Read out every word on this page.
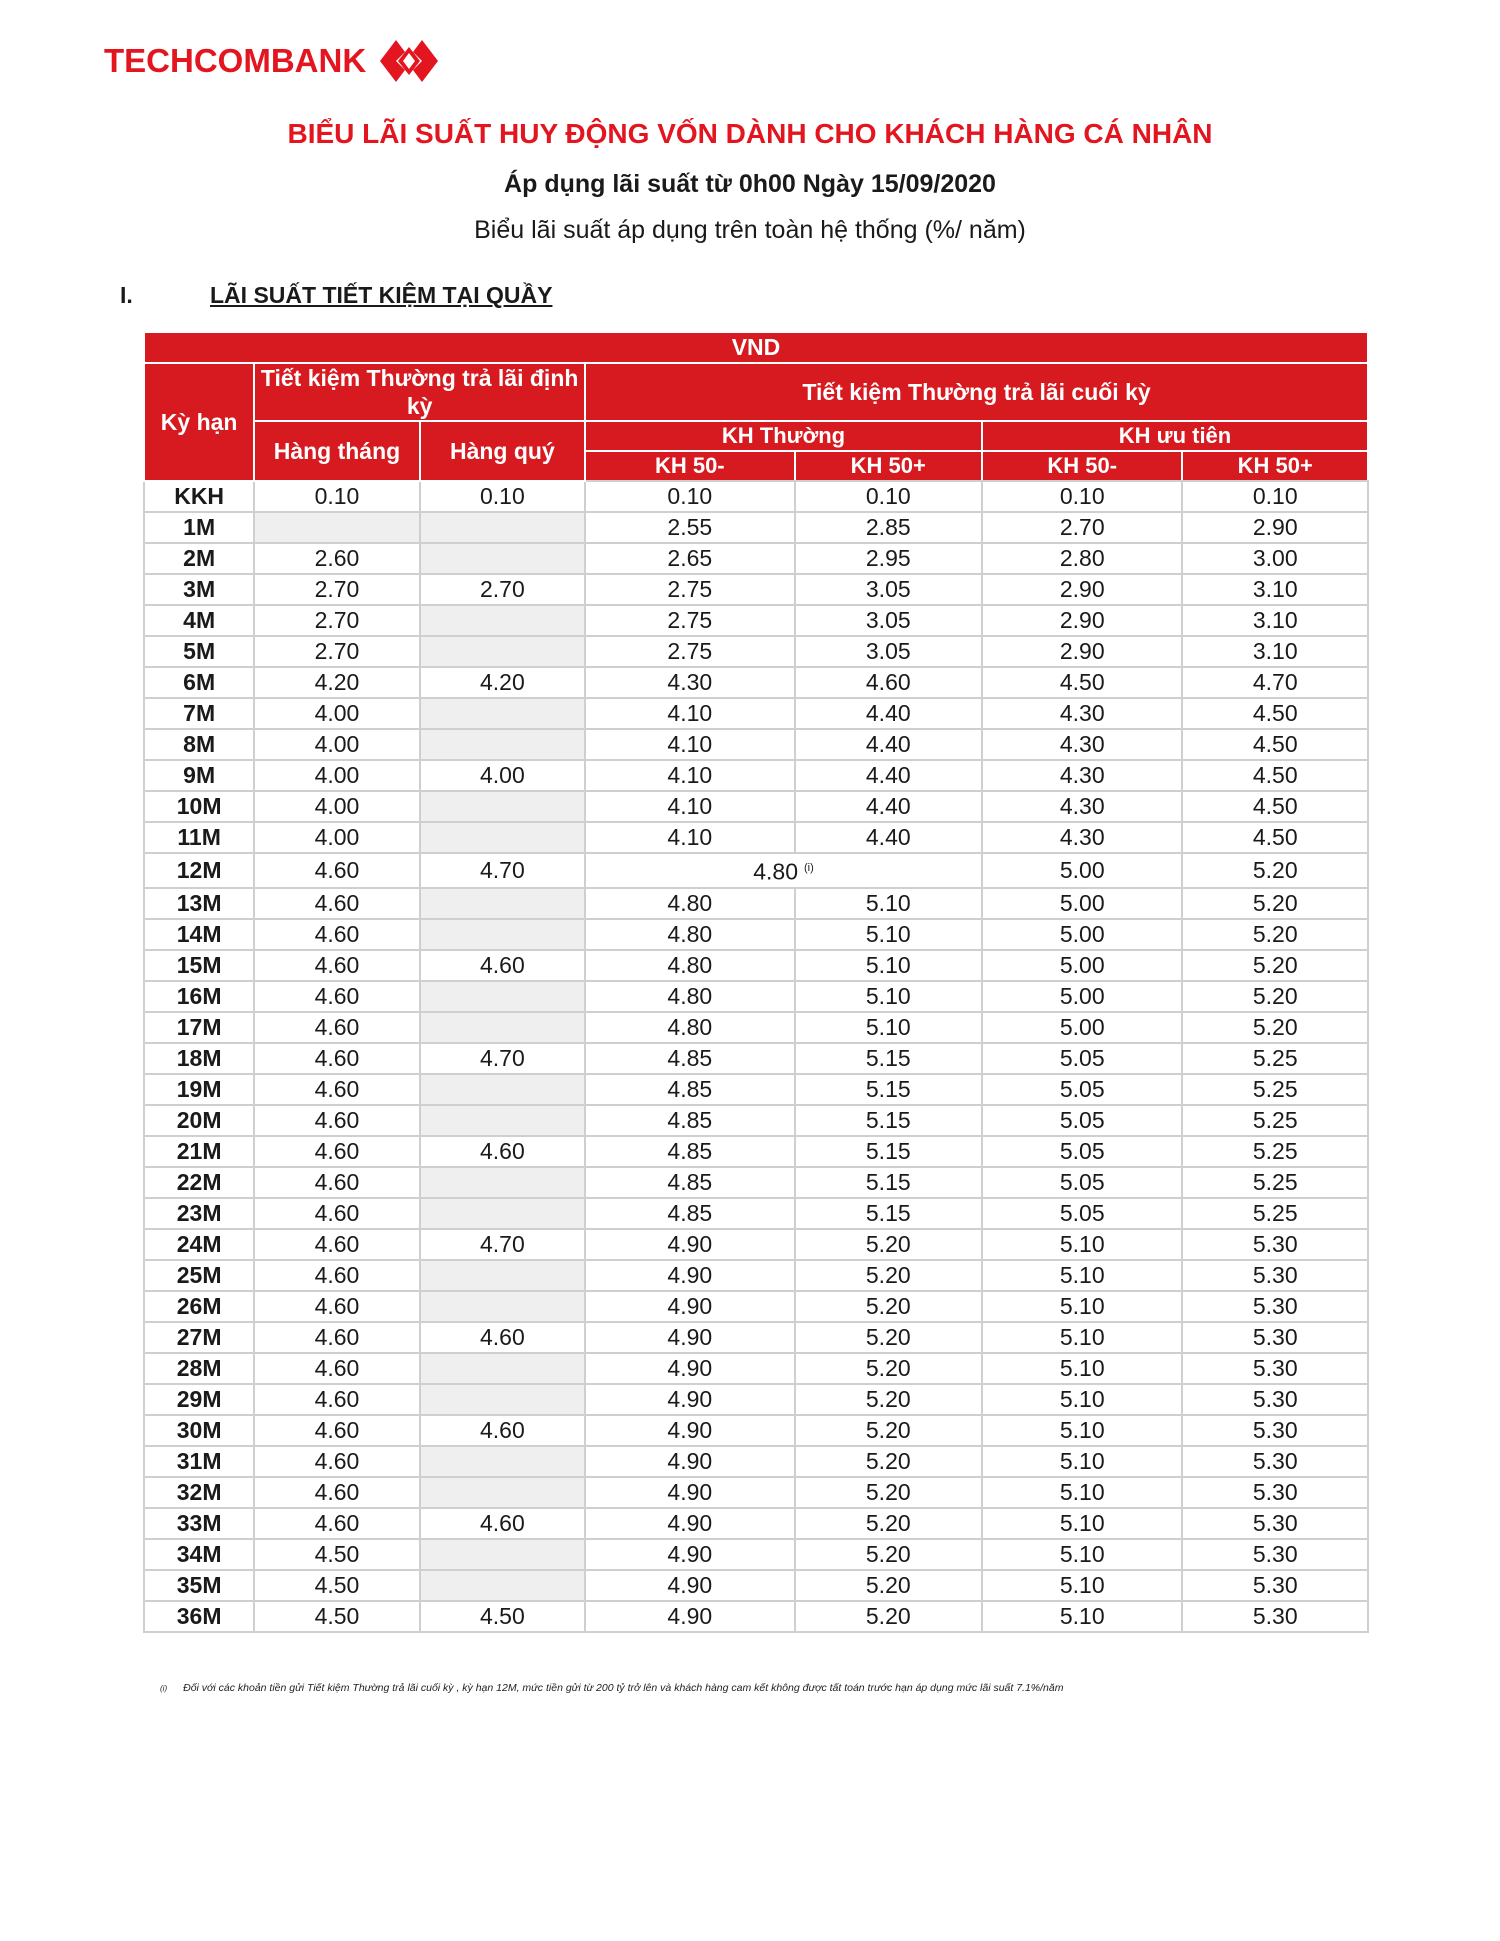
TECHCOMBANK
BIỂU LÃI SUẤT HUY ĐỘNG VỐN DÀNH CHO KHÁCH HÀNG CÁ NHÂN
Áp dụng lãi suất từ 0h00 Ngày 15/09/2020
Biểu lãi suất áp dụng trên toàn hệ thống (%/ năm)
I.	LÃI SUẤT TIẾT KIỆM TẠI QUẦY
VND						
Kỳ hạn	Tiết kiệm Thường trả lãi định kỳ		Tiết kiệm Thường trả lãi cuối kỳ			
	Hàng tháng	Hàng quý	KH Thường		KH ưu tiên	
			KH 50-	KH 50+	KH 50-	KH 50+

KKH	0.10	0.10	0.10	0.10	0.10	0.10
1M			2.55	2.85	2.70	2.90
2M	2.60		2.65	2.95	2.80	3.00
3M	2.70	2.70	2.75	3.05	2.90	3.10
4M	2.70		2.75	3.05	2.90	3.10
5M	2.70		2.75	3.05	2.90	3.10
6M	4.20	4.20	4.30	4.60	4.50	4.70
7M	4.00		4.10	4.40	4.30	4.50
8M	4.00		4.10	4.40	4.30	4.50
9M	4.00	4.00	4.10	4.40	4.30	4.50
10M	4.00		4.10	4.40	4.30	4.50
11M	4.00		4.10	4.40	4.30	4.50
12M	4.60	4.70	4.80 $^{(i)}$		5.00	5.20
13M	4.60		4.80	5.10	5.00	5.20
14M	4.60		4.80	5.10	5.00	5.20
15M	4.60	4.60	4.80	5.10	5.00	5.20
16M	4.60		4.80	5.10	5.00	5.20
17M	4.60		4.80	5.10	5.00	5.20
18M	4.60	4.70	4.85	5.15	5.05	5.25
19M	4.60		4.85	5.15	5.05	5.25
20M	4.60		4.85	5.15	5.05	5.25
21M	4.60	4.60	4.85	5.15	5.05	5.25
22M	4.60		4.85	5.15	5.05	5.25
23M	4.60		4.85	5.15	5.05	5.25
24M	4.60	4.70	4.90	5.20	5.10	5.30
25M	4.60		4.90	5.20	5.10	5.30
26M	4.60		4.90	5.20	5.10	5.30
27M	4.60	4.60	4.90	5.20	5.10	5.30
28M	4.60		4.90	5.20	5.10	5.30
29M	4.60		4.90	5.20	5.10	5.30
30M	4.60	4.60	4.90	5.20	5.10	5.30
31M	4.60		4.90	5.20	5.10	5.30
32M	4.60		4.90	5.20	5.10	5.30
33M	4.60	4.60	4.90	5.20	5.10	5.30
34M	4.50		4.90	5.20	5.10	5.30
35M	4.50		4.90	5.20	5.10	5.30
36M	4.50	4.50	4.90	5.20	5.10	5.30
(i) Đối với các khoản tiền gửi Tiết kiệm Thường trả lãi cuối kỳ , kỳ hạn 12M, mức tiền gửi từ 200 tỷ trở lên và khách hàng cam kết không được tất toán trước hạn áp dụng mức lãi suất 7.1%/năm
